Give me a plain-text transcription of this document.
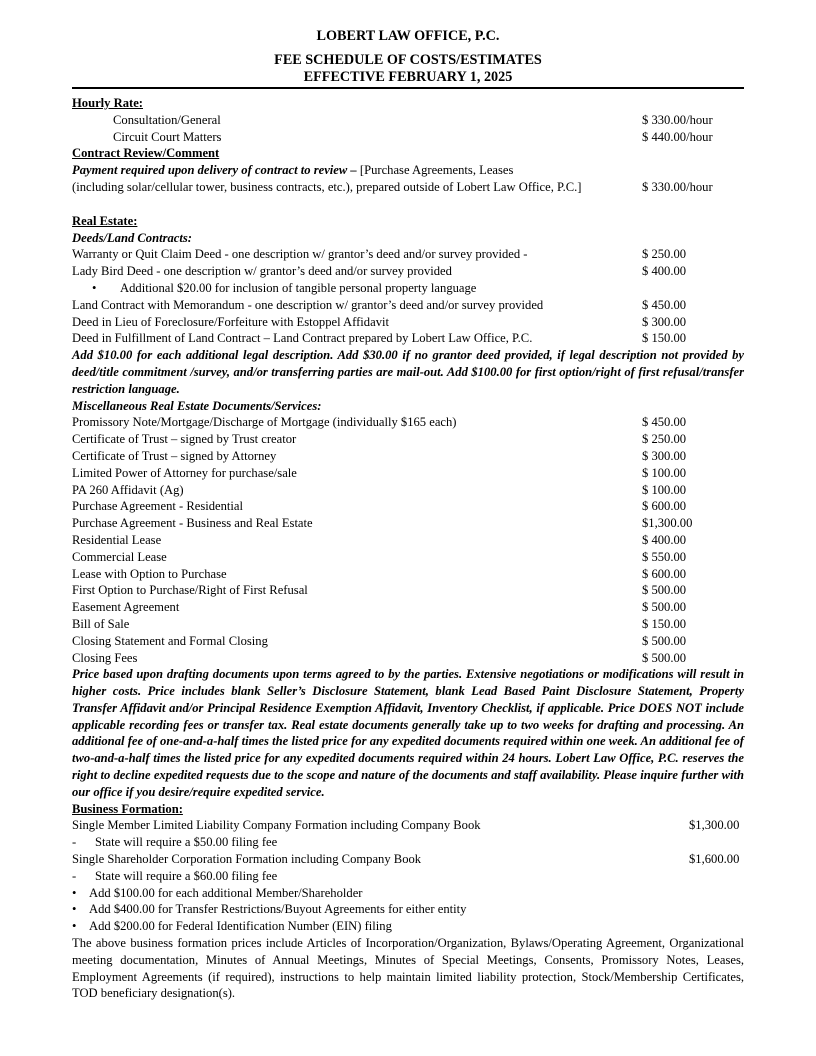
LOBERT LAW OFFICE, P.C.
FEE SCHEDULE OF COSTS/ESTIMATES
EFFECTIVE FEBRUARY 1, 2025
Hourly Rate:
Consultation/General	$ 330.00/hour
Circuit Court Matters	$ 440.00/hour
Contract Review/Comment
Payment required upon delivery of contract to review – [Purchase Agreements, Leases
(including solar/cellular tower, business contracts, etc.), prepared outside of Lobert Law Office, P.C.]	$ 330.00/hour
Real Estate:
Deeds/Land Contracts:
Warranty or Quit Claim Deed - one description w/ grantor’s deed and/or survey provided -	$ 250.00
Lady Bird Deed - one description w/ grantor’s deed and/or survey provided	$ 400.00
• Additional $20.00 for inclusion of tangible personal property language
Land Contract with Memorandum - one description w/ grantor’s deed and/or survey provided	$ 450.00
Deed in Lieu of Foreclosure/Forfeiture with Estoppel Affidavit	$ 300.00
Deed in Fulfillment of Land Contract – Land Contract prepared by Lobert Law Office, P.C.	$ 150.00
Add $10.00 for each additional legal description. Add $30.00 if no grantor deed provided, if legal description not provided by deed/title commitment /survey, and/or transferring parties are mail-out. Add $100.00 for first option/right of first refusal/transfer restriction language.
Miscellaneous Real Estate Documents/Services:
Promissory Note/Mortgage/Discharge of Mortgage (individually $165 each)	$ 450.00
Certificate of Trust – signed by Trust creator	$ 250.00
Certificate of Trust – signed by Attorney	$ 300.00
Limited Power of Attorney for purchase/sale	$ 100.00
PA 260 Affidavit (Ag)	$ 100.00
Purchase Agreement - Residential	$ 600.00
Purchase Agreement - Business and Real Estate	$1,300.00
Residential Lease	$ 400.00
Commercial Lease	$ 550.00
Lease with Option to Purchase	$ 600.00
First Option to Purchase/Right of First Refusal	$ 500.00
Easement Agreement	$ 500.00
Bill of Sale	$ 150.00
Closing Statement and Formal Closing	$ 500.00
Closing Fees	$ 500.00
Price based upon drafting documents upon terms agreed to by the parties. Extensive negotiations or modifications will result in higher costs. Price includes blank Seller’s Disclosure Statement, blank Lead Based Paint Disclosure Statement, Property Transfer Affidavit and/or Principal Residence Exemption Affidavit, Inventory Checklist, if applicable. Price DOES NOT include applicable recording fees or transfer tax. Real estate documents generally take up to two weeks for drafting and processing. An additional fee of one-and-a-half times the listed price for any expedited documents required within one week. An additional fee of two-and-a-half times the listed price for any expedited documents required within 24 hours. Lobert Law Office, P.C. reserves the right to decline expedited requests due to the scope and nature of the documents and staff availability. Please inquire further with our office if you desire/require expedited service.
Business Formation:
Single Member Limited Liability Company Formation including Company Book	$1,300.00
- State will require a $50.00 filing fee
Single Shareholder Corporation Formation including Company Book	$1,600.00
- State will require a $60.00 filing fee
• Add $100.00 for each additional Member/Shareholder
• Add $400.00 for Transfer Restrictions/Buyout Agreements for either entity
• Add $200.00 for Federal Identification Number (EIN) filing
The above business formation prices include Articles of Incorporation/Organization, Bylaws/Operating Agreement, Organizational meeting documentation, Minutes of Annual Meetings, Minutes of Special Meetings, Consents, Promissory Notes, Leases, Employment Agreements (if required), instructions to help maintain limited liability protection, Stock/Membership Certificates, TOD beneficiary designation(s).
